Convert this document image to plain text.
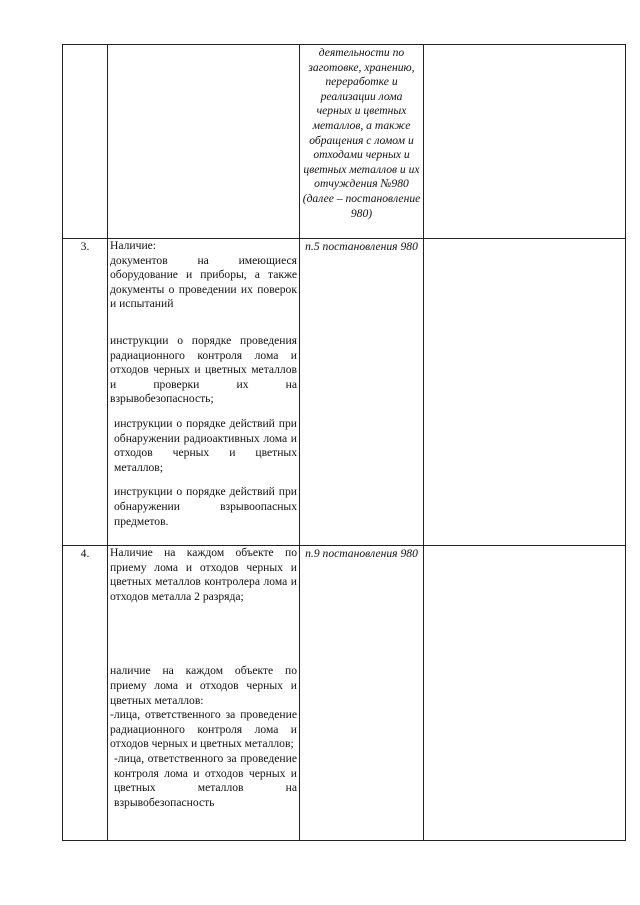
		деятельности по заготовке, хранению, переработке и реализации лома черных и цветных металлов, а также обращения с ломом и отходами черных и цветных металлов и их отчуждения №980 (далее – постановление 980)	
3.	Наличие:

документов на имеющиеся оборудование и приборы, а также документы о проведении их поверок и испытаний

инструкции о порядке проведения радиационного контроля лома и отходов черных и цветных металлов и проверки их на взрывобезопасность;

инструкции о порядке действий при обнаружении радиоактивных лома и отходов черных и цветных металлов;

инструкции о порядке действий при обнаружении взрывоопасных предметов.	п.5 постановления 980	
4.	Наличие на каждом объекте по приему лома и отходов черных и цветных металлов контролера лома и отходов металла 2 разряда;

наличие на каждом объекте по приему лома и отходов черных и цветных металлов:

-лица, ответственного за проведение радиационного контроля лома и отходов черных и цветных металлов;

-лица, ответственного за проведение контроля лома и отходов черных и цветных металлов на взрывобезопасность	п.9 постановления 980	
